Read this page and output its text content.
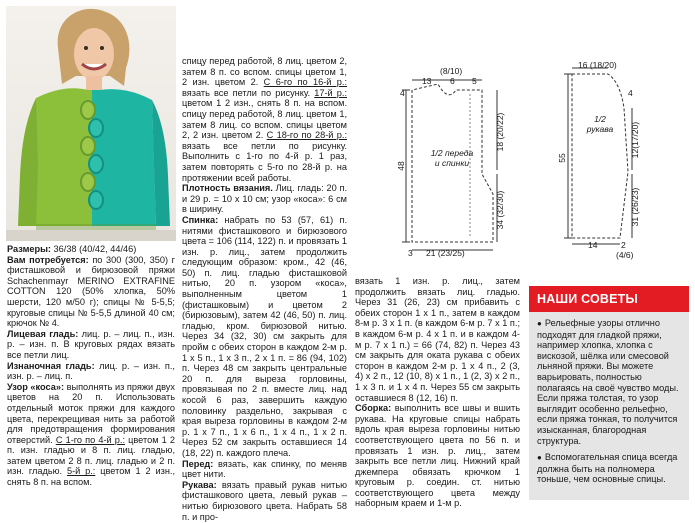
Размеры: 36/38 (40/42, 44/46)

Вам потребуется: по 300 (300, 350) г фисташковой и бирюзовой пряжи Schachenmayr MERINO EXTRAFINE COTTON 120 (50% хлопка, 50% шерсти, 120 м/50 г); спицы № 5-5,5; круговые спицы № 5-5,5 длиной 40 см; крючок № 4.

Лицевая гладь: лиц. р. – лиц. п., изн. р. – изн. п. В круговых рядах вязать все петли лиц.

Изнаночная гладь: лиц. р. – изн. п., изн. р. – лиц. п.

Узор «коса»: выполнять из пряжи двух цветов на 20 п. Использовать отдельный моток пряжи для каждого цвета, перекрещивая нить за работой для предотвращения формирования отверстий. С 1-го по 4-й р.: цветом 1 2 п. изн. гладью и 8 п. лиц. гладью, затем цветом 2 8 п. лиц. гладью и 2 п. изн. гладью. 5-й р.: цветом 1 2 изн., снять 8 п. на вспом.

спицу перед работой, 8 лиц. цветом 2, затем 8 п. со вспом. спицы цветом 1, 2 изн. цветом 2. С 6-го по 16-й р.: вязать все петли по рисунку. 17-й р.: цветом 1 2 изн., снять 8 п. на вспом. спицу перед работой, 8 лиц. цветом 1, затем 8 лиц. со вспом. спицы цветом 2, 2 изн. цветом 2. С 18-го по 28-й р.: вязать все петли по рисунку. Выполнить с 1-го по 4-й р. 1 раз, затем повторять с 5-го по 28-й р. на протяжении всей работы.

Плотность вязания. Лиц. гладь: 20 п. и 29 р. = 10 х 10 см; узор «коса»: 6 см в ширину.

Спинка: набрать по 53 (57, 61) п. нитями фисташкового и бирюзового цвета = 106 (114, 122) п. и провязать 1 изн. р. лиц., затем продолжить следующим образом: кром., 42 (46, 50) п. лиц. гладью фисташковой нитью, 20 п. узором «коса», выполненным цветом 1 (фисташковым) и цветом 2 (бирюзовым), затем 42 (46, 50) п. лиц. гладью, кром. бирюзовой нитью. Через 34 (32, 30) см закрыть для пройм с обеих сторон в каждом 2-м р. 1 х 5 п., 1 х 3 п., 2 х 1 п. = 86 (94, 102) п. Через 48 см закрыть центральные 20 п. для выреза горловины, провязывая по 2 п. вместе лиц. над косой 6 раз, завершить каждую половинку раздельно, закрывая с края выреза горловины в каждом 2-м р. 1 х 7 п., 1 х 6 п., 1 х 4 п., 1 х 2 п. Через 52 см закрыть оставшиеся 14 (18, 22) п. каждого плеча.

Перед: вязать, как спинку, по меняв цвет нити.

Рукава: вязать правый рукав нитью фисташкового цвета, левый рукав – нитью бирюзового цвета. Набрать 58 п. и про-

(8/10)
13 6 5
4
48
18 (20/22)
34 (32/30)
3 21 (23/25)
1/2 переда
и спинки
16 (18/20)
4
12(17/20)
31 (26/23)
55
14	2
(4/6)
1/2
рукава

вязать 1 изн. р. лиц., затем продолжить вязать лиц. гладью. Через 31 (26, 23) см прибавить с обеих сторон 1 х 1 п., затем в каждом 8-м р. 3 х 1 п. (в каждом 6-м р. 7 х 1 п.; в каждом 6-м р. 4 х 1 п. и в каждом 4-м р. 7 х 1 п.) = 66 (74, 82) п. Через 43 см закрыть для оката рукава с обеих сторон в каждом 2-м р. 1 х 4 п., 2 (3, 4) х 2 п., 12 (10, 8) х 1 п., 1 (2, 3) х 2 п., 1 х 3 п. и 1 х 4 п. Через 55 см закрыть оставшиеся 8 (12, 16) п.

Сборка: выполнить все швы и вшить рукава. На круговые спицы набрать вдоль края выреза горловины нитью соответствующего цвета по 56 п. и провязать 1 изн. р. лиц., затем закрыть все петли лиц. Нижний край джемпера обвязать крючком 1 круговым р. соедин. ст. нитью соответствующего цвета между наборным краем и 1-м р.

НАШИ СОВЕТЫ
● Рельефные узоры отлично подходят для гладкой пряжи, например хлопка, хлопка с вискозой, шёлка или смесовой льняной пряжи. Вы можете варьировать, полностью полагаясь на своё чувство моды. Если пряжа толстая, то узор выглядит особенно рельефно, если пряжа тонкая, то получится изысканная, благородная структура.
● Вспомогательная спица всегда должна быть на полномера тоньше, чем основные спицы.
